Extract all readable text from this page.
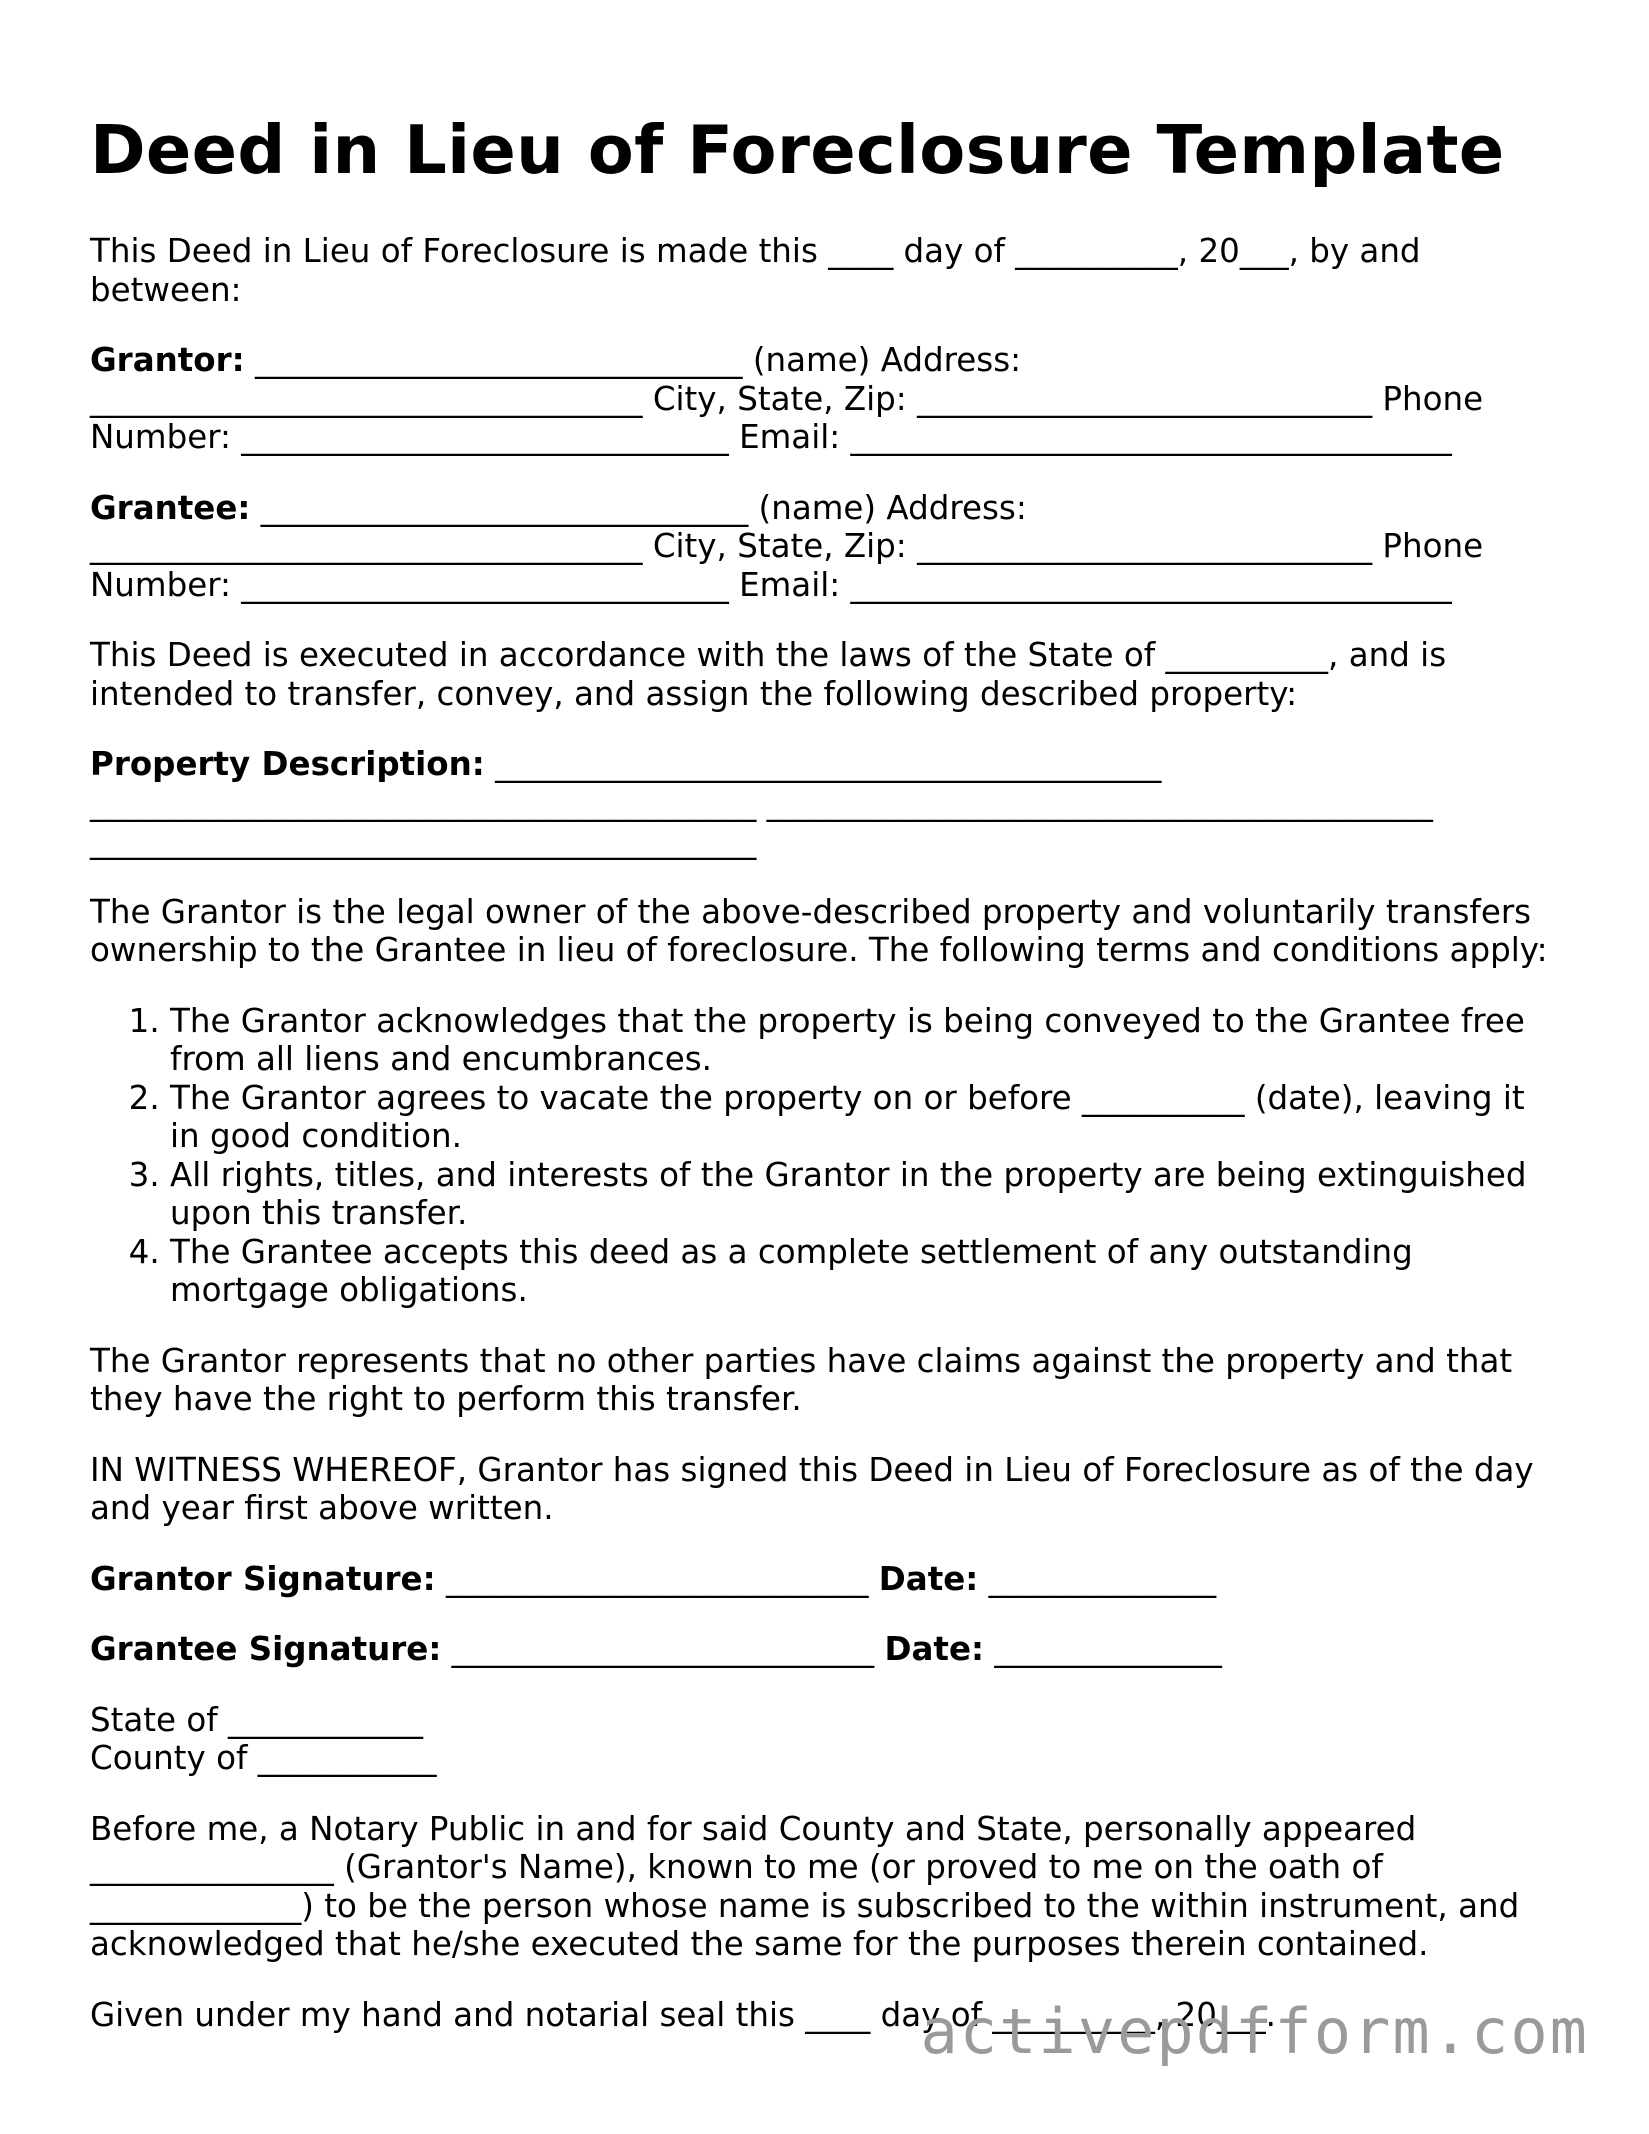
Deed in Lieu of Foreclosure Template

This Deed in Lieu of Foreclosure is made this ____ day of __________, 20___, by and between:

Grantor: ______________________________ (name) Address: __________________________________ City, State, Zip: ____________________________ Phone Number: ______________________________ Email: _____________________________________

Grantee: ______________________________ (name) Address: __________________________________ City, State, Zip: ____________________________ Phone Number: ______________________________ Email: _____________________________________

This Deed is executed in accordance with the laws of the State of __________, and is intended to transfer, convey, and assign the following described property:

Property Description: _________________________________________ _________________________________________ _________________________________________ _________________________________________

The Grantor is the legal owner of the above-described property and voluntarily transfers ownership to the Grantee in lieu of foreclosure. The following terms and conditions apply:

1. The Grantor acknowledges that the property is being conveyed to the Grantee free from all liens and encumbrances.
2. The Grantor agrees to vacate the property on or before __________ (date), leaving it in good condition.
3. All rights, titles, and interests of the Grantor in the property are being extinguished upon this transfer.
4. The Grantee accepts this deed as a complete settlement of any outstanding mortgage obligations.

The Grantor represents that no other parties have claims against the property and that they have the right to perform this transfer.

IN WITNESS WHEREOF, Grantor has signed this Deed in Lieu of Foreclosure as of the day and year first above written.

Grantor Signature: __________________________ Date: ______________

Grantee Signature: __________________________ Date: ______________

State of ____________
County of ___________

Before me, a Notary Public in and for said County and State, personally appeared _______________ (Grantor's Name), known to me (or proved to me on the oath of _____________) to be the person whose name is subscribed to the within instrument, and acknowledged that he/she executed the same for the purposes therein contained.

Given under my hand and notarial seal this ____ day of __________, 20___.

activepdfform.com
